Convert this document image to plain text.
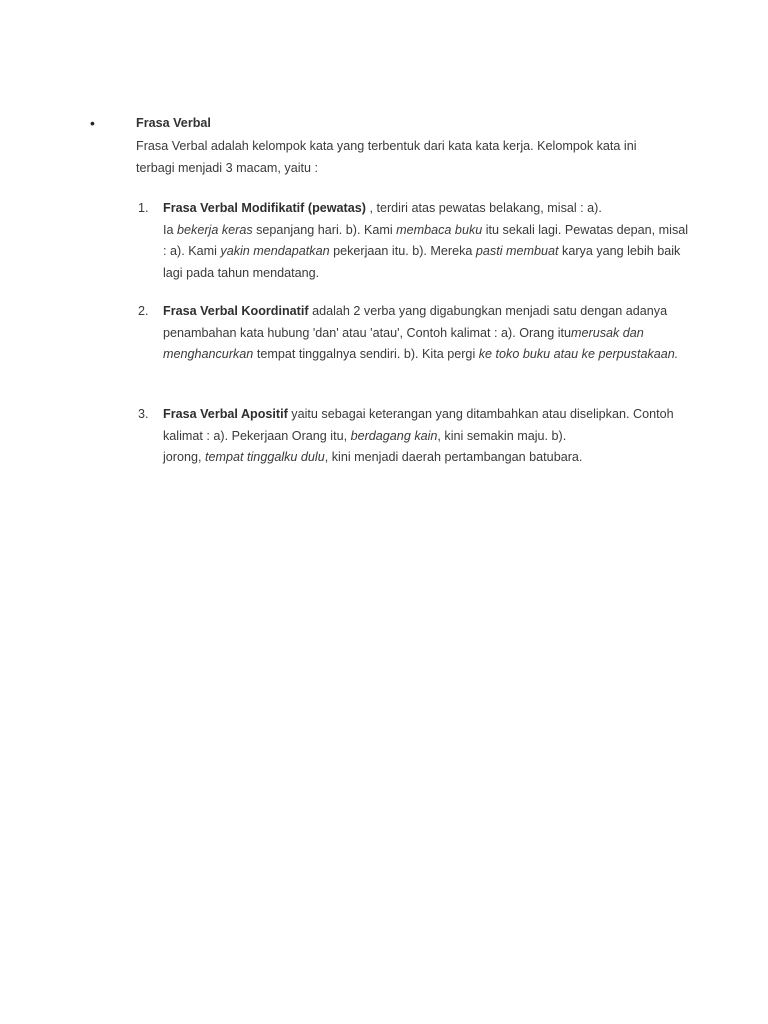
•	Frasa Verbal
Frasa Verbal adalah kelompok kata yang terbentuk dari kata kata kerja. Kelompok kata ini terbagi menjadi 3 macam, yaitu :
1.	Frasa Verbal Modifikatif (pewatas) , terdiri atas pewatas belakang, misal : a).
Ia bekerja keras sepanjang hari. b). Kami membaca buku itu sekali lagi. Pewatas depan, misal : a). Kami yakin mendapatkan pekerjaan itu. b). Mereka pasti membuat karya yang lebih baik lagi pada tahun mendatang.
2.	Frasa Verbal Koordinatif adalah 2 verba yang digabungkan menjadi satu dengan adanya penambahan kata hubung 'dan' atau 'atau', Contoh kalimat : a). Orang itumerusak dan menghancurkan tempat tinggalnya sendiri. b). Kita pergi ke toko buku atau ke perpustakaan.
3.	Frasa Verbal Apositif yaitu sebagai keterangan yang ditambahkan atau diselipkan. Contoh kalimat : a). Pekerjaan Orang itu, berdagang kain, kini semakin maju. b).
jorong, tempat tinggalku dulu, kini menjadi daerah pertambangan batubara.
